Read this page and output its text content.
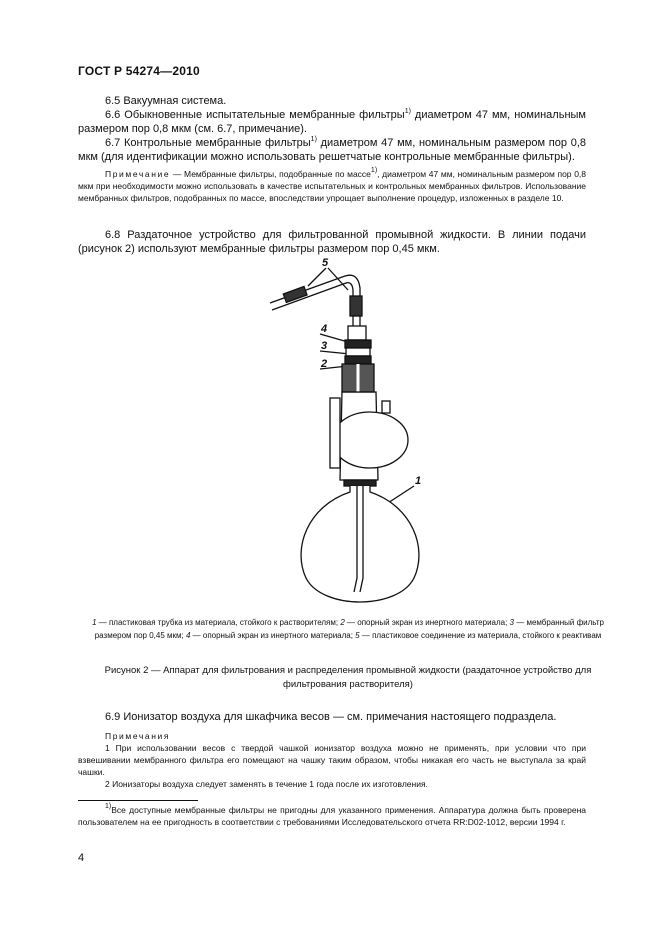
ГОСТ Р 54274—2010
6.5 Вакуумная система.
6.6 Обыкновенные испытательные мембранные фильтры$^{1)}$ диаметром 47 мм, номинальным размером пор 0,8 мкм (см. 6.7, примечание).
6.7 Контрольные мембранные фильтры$^{1)}$ диаметром 47 мм, номинальным размером пор 0,8 мкм (для идентификации можно использовать решетчатые контрольные мембранные фильтры).
Примечание — Мембранные фильтры, подобранные по массе$^{1)}$, диаметром 47 мм, номинальным размером пор 0,8 мкм при необходимости можно использовать в качестве испытательных и контрольных мембранных фильтров. Использование мембранных фильтров, подобранных по массе, впоследствии упрощает выполнение процедур, изложенных в разделе 10.
6.8 Раздаточное устройство для фильтрованной промывной жидкости. В линии подачи (рисунок 2) используют мембранные фильтры размером пор 0,45 мкм.
5
4
3
2
1
1 — пластиковая трубка из материала, стойкого к растворителям; 2 — опорный экран из инертного материала; 3 — мембранный фильтр размером пор 0,45 мкм; 4 — опорный экран из инертного материала; 5 — пластиковое соединение из материала, стойкого к реактивам
Рисунок 2 — Аппарат для фильтрования и распределения промывной жидкости (раздаточное устройство для фильтрования растворителя)
6.9 Ионизатор воздуха для шкафчика весов — см. примечания настоящего подраздела.
Примечания
1 При использовании весов с твердой чашкой ионизатор воздуха можно не применять, при условии что при взвешивании мембранного фильтра его помещают на чашку таким образом, чтобы никакая его часть не выступала за край чашки.
2 Ионизаторы воздуха следует заменять в течение 1 года после их изготовления.
$^{1)}$Все доступные мембранные фильтры не пригодны для указанного применения. Аппаратура должна быть проверена пользователем на ее пригодность в соответствии с требованиями Исследовательского отчета RR:D02-1012, версии 1994 г.
4
